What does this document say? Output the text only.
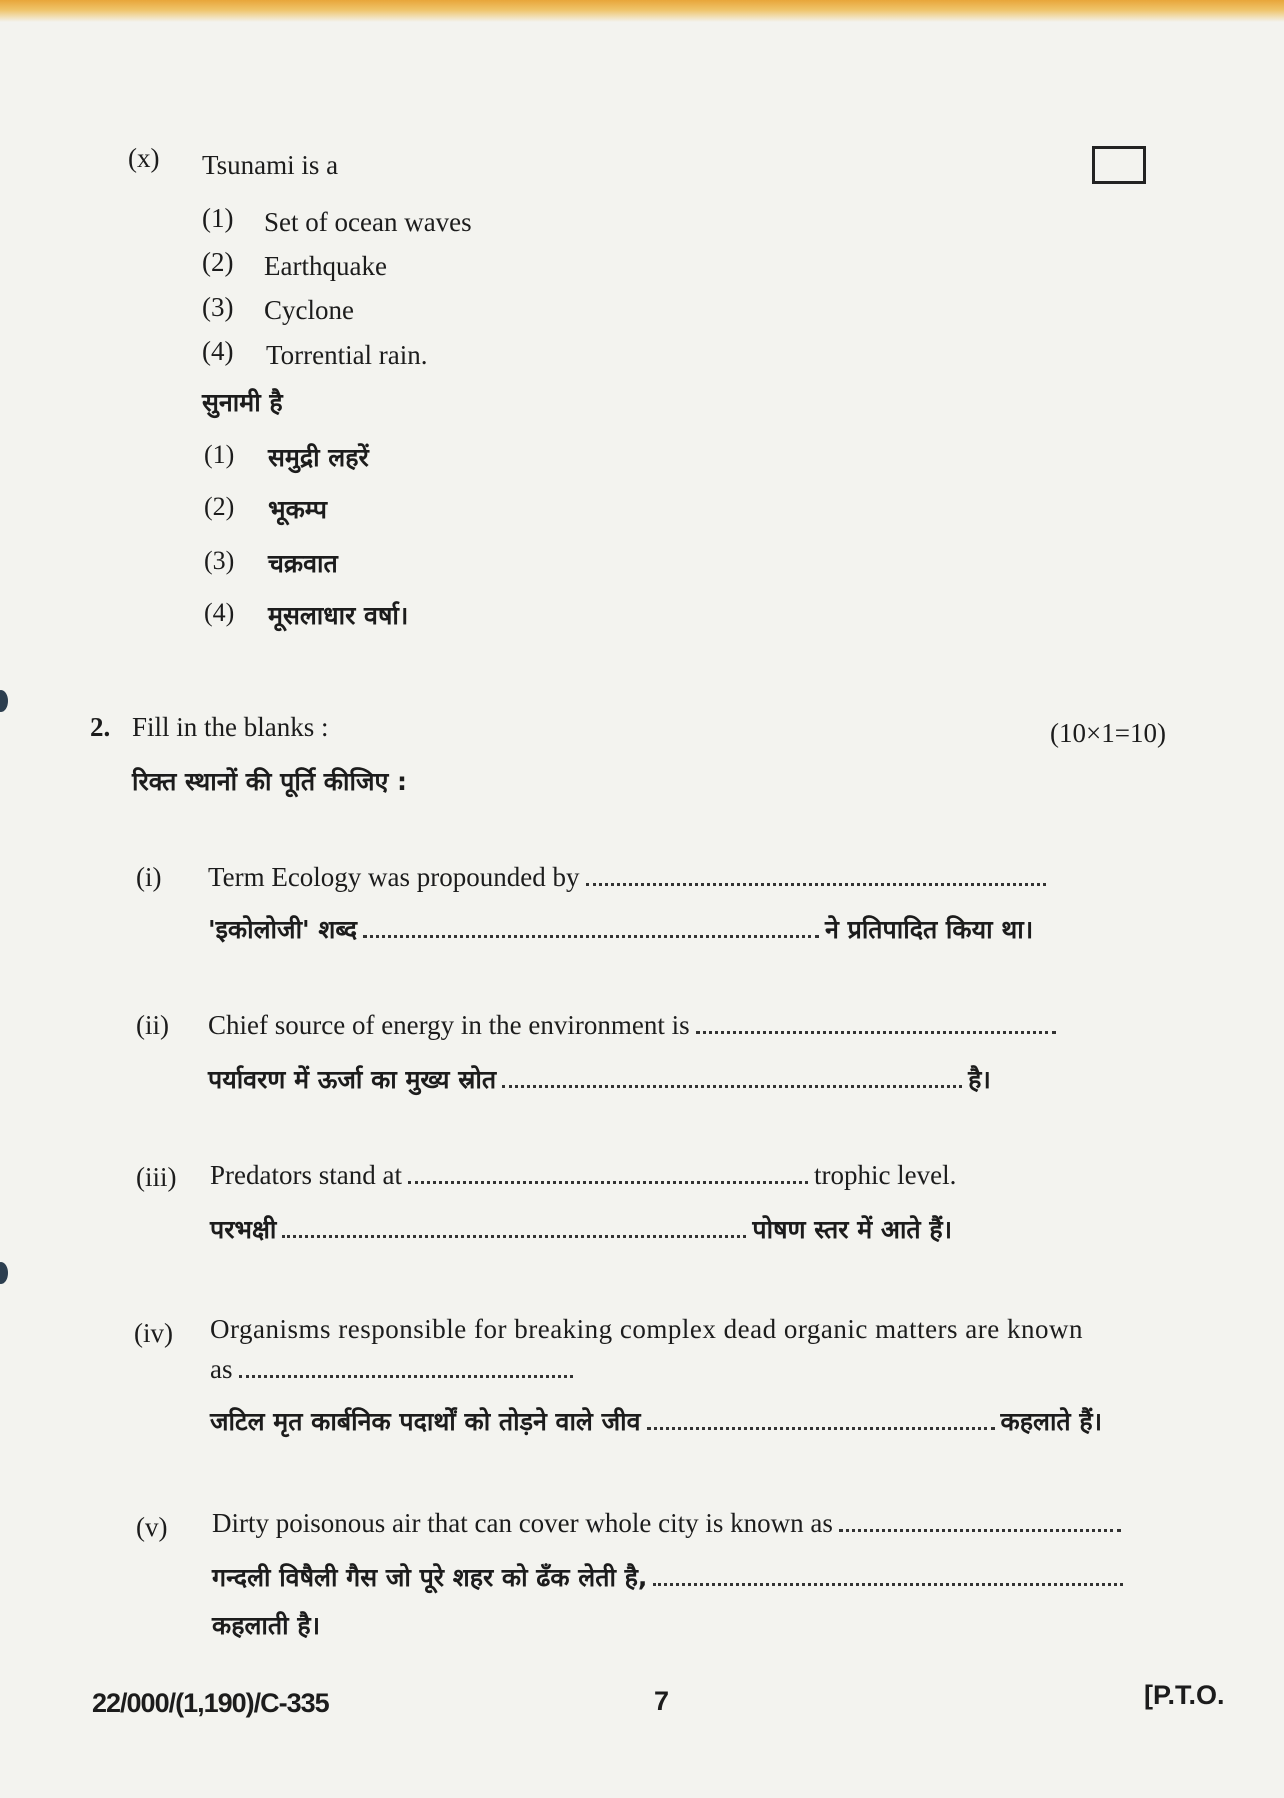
(x) Tsunami is a
(1) Set of ocean waves
(2) Earthquake
(3) Cyclone
(4) Torrential rain.
सुनामी है
(1) समुद्री लहरें
(2) भूकम्प
(3) चक्रवात
(4) मूसलाधार वर्षा।
2. Fill in the blanks :	(10×1=10)
रिक्त स्थानों की पूर्ति कीजिए :
(i) Term Ecology was propounded by
'इकोलोजी' शब्द	ने प्रतिपादित किया था।
(ii) Chief source of energy in the environment is
पर्यावरण में ऊर्जा का मुख्य स्रोत	है।
(iii) Predators stand at	trophic level.
परभक्षी	पोषण स्तर में आते हैं।
(iv) Organisms responsible for breaking complex dead organic matters are known
as
जटिल मृत कार्बनिक पदार्थों को तोड़ने वाले जीव	कहलाते हैं।
(v) Dirty poisonous air that can cover whole city is known as
गन्दली विषैली गैस जो पूरे शहर को ढँक लेती है,
कहलाती है।
22/000/(1,190)/C-335	7	[P.T.O.
